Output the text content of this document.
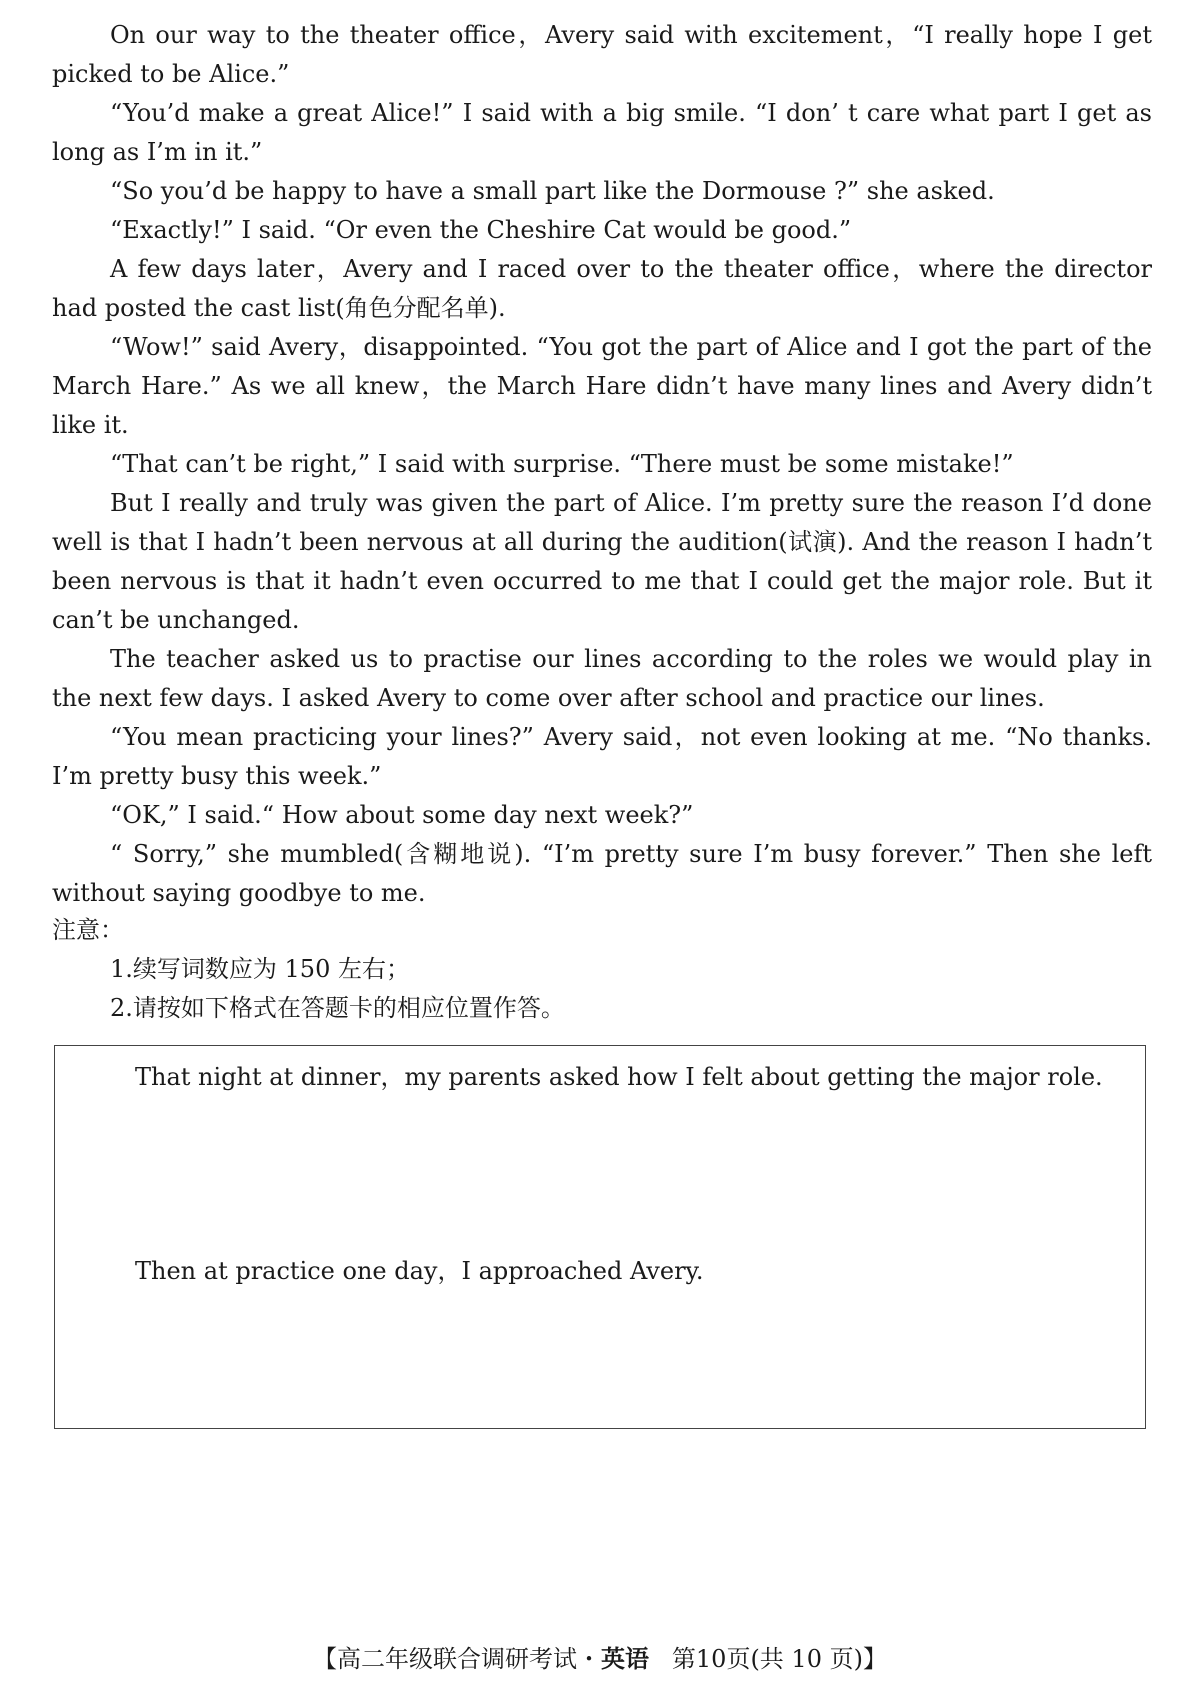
On our way to the theater office，Avery said with excitement，“I really hope I get picked to be Alice.”

“You’d make a great Alice!” I said with a big smile. “I don’ t care what part I get as long as I’m in it.”

“So you’d be happy to have a small part like the Dormouse ?” she asked.

“Exactly!” I said. “Or even the Cheshire Cat would be good.”

A few days later，Avery and I raced over to the theater office，where the director had posted the cast list(角色分配名单).

“Wow!” said Avery，disappointed. “You got the part of Alice and I got the part of the March Hare.” As we all knew，the March Hare didn’t have many lines and Avery didn’t like it.

“That can’t be right,” I said with surprise. “There must be some mistake!”

But I really and truly was given the part of Alice. I’m pretty sure the reason I’d done well is that I hadn’t been nervous at all during the audition(试演). And the reason I hadn’t been nervous is that it hadn’t even occurred to me that I could get the major role. But it can’t be unchanged.

The teacher asked us to practise our lines according to the roles we would play in the next few days. I asked Avery to come over after school and practice our lines.

“You mean practicing your lines?” Avery said，not even looking at me. “No thanks. I’m pretty busy this week.”

“OK,” I said.“ How about some day next week?”

“ Sorry,” she mumbled(含糊地说). “I’m pretty sure I’m busy forever.” Then she left without saying goodbye to me.

注意：

1.续写词数应为 150 左右；

2.请按如下格式在答题卡的相应位置作答。

That night at dinner，my parents asked how I felt about getting the major role.
Then at practice one day，I approached Avery.
【高二年级联合调研考试・英语 第10页(共 10 页)】
